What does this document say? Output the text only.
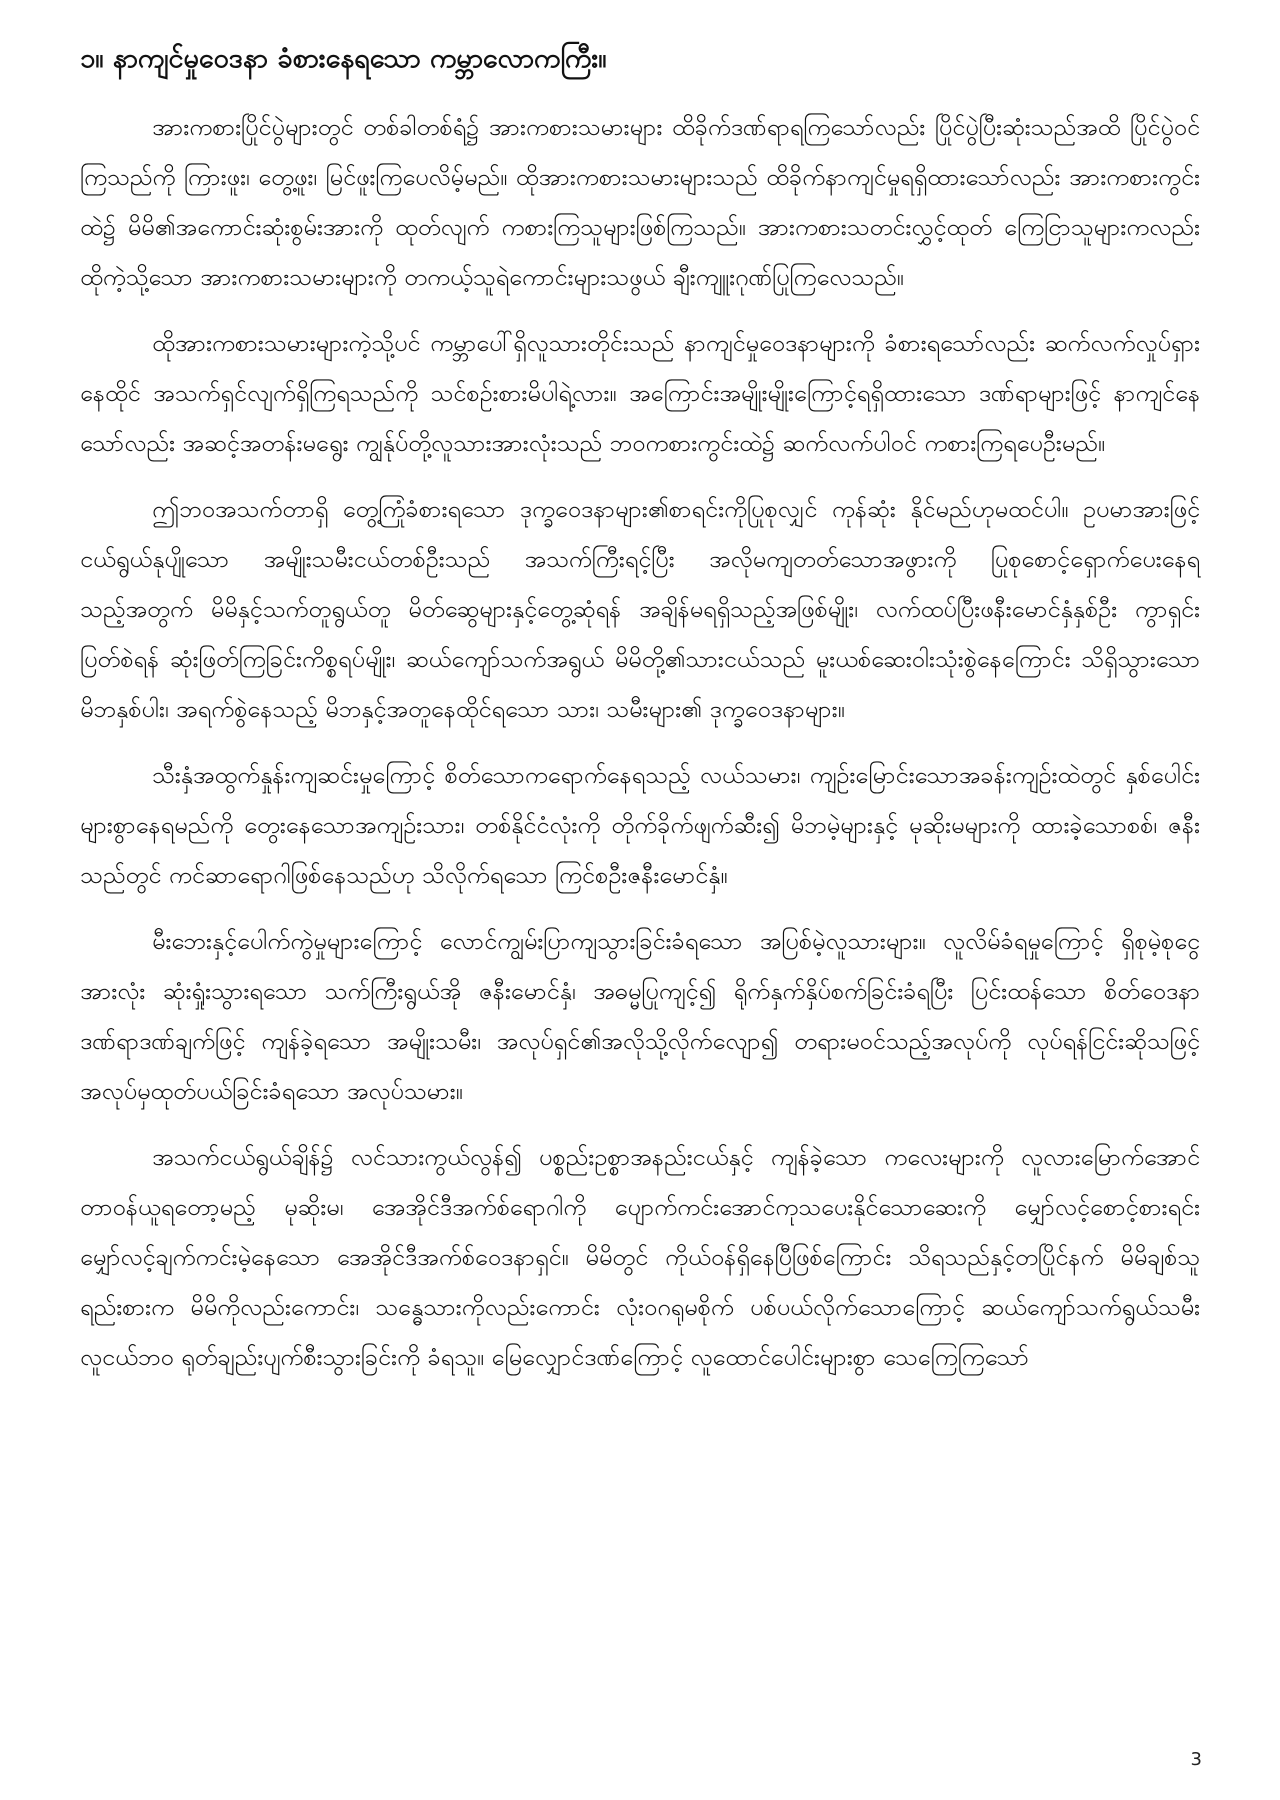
၁။ နာကျင်မှုဝေဒနာ ခံစားနေရသော ကမ္ဘာလောကကြီး။

အားကစားပြိုင်ပွဲများတွင် တစ်ခါတစ်ရံ၌ အားကစားသမားများ ထိခိုက်ဒဏ်ရာရကြသော်လည်း ပြိုင်ပွဲပြီးဆုံးသည်အထိ ပြိုင်ပွဲဝင်ကြသည်ကို ကြားဖူး၊ တွေ့ဖူး၊ မြင်ဖူးကြပေလိမ့်မည်။ ထိုအားကစားသမားများသည် ထိခိုက်နာကျင်မှုရရှိထားသော်လည်း အားကစားကွင်းထဲ၌ မိမိ၏အကောင်းဆုံးစွမ်းအားကို ထုတ်လျက် ကစားကြသူများဖြစ်ကြသည်။ အားကစားသတင်းလွှင့်ထုတ် ကြေငြာသူများကလည်း ထိုကဲ့သို့သော အားကစားသမားများကို တကယ့်သူရဲကောင်းများသဖွယ် ချီးကျူးဂုဏ်ပြုကြလေသည်။

ထိုအားကစားသမားများကဲ့သို့ပင် ကမ္ဘာပေါ်ရှိလူသားတိုင်းသည် နာကျင်မှုဝေဒနာများကို ခံစားရသော်လည်း ဆက်လက်လှုပ်ရှားနေထိုင် အသက်ရှင်လျက်ရှိကြရသည်ကို သင်စဉ်းစားမိပါရဲ့လား။ အကြောင်းအမျိုးမျိုးကြောင့်ရရှိထားသော ဒဏ်ရာများဖြင့် နာကျင်နေသော်လည်း အဆင့်အတန်းမရွေး ကျွန်ုပ်တို့လူသားအားလုံးသည် ဘဝကစားကွင်းထဲ၌ ဆက်လက်ပါဝင် ကစားကြရပေဦးမည်။

ဤဘဝအသက်တာရှိ တွေ့ကြုံခံစားရသော ဒုက္ခဝေဒနာများ၏စာရင်းကိုပြုစုလျှင် ကုန်ဆုံး နိုင်မည်ဟုမထင်ပါ။ ဥပမာအားဖြင့် ငယ်ရွယ်နုပျိုသော အမျိုးသမီးငယ်တစ်ဦးသည် အသက်ကြီးရင့်ပြီး အလိုမကျတတ်သောအဖွားကို ပြုစုစောင့်ရှောက်ပေးနေရသည့်အတွက် မိမိနှင့်သက်တူရွယ်တူ မိတ်ဆွေများနှင့်တွေ့ဆုံရန် အချိန်မရရှိသည့်အဖြစ်မျိုး၊ လက်ထပ်ပြီးဖနီးမောင်နှံနှစ်ဦး ကွာရှင်းပြတ်စဲရန် ဆုံးဖြတ်ကြခြင်းကိစ္စရပ်မျိုး၊ ဆယ်ကျော်သက်အရွယ် မိမိတို့၏သားငယ်သည် မူးယစ်ဆေးဝါးသုံးစွဲနေကြောင်း သိရှိသွားသော မိဘနှစ်ပါး၊ အရက်စွဲနေသည့် မိဘနှင့်အတူနေထိုင်ရသော သား၊ သမီးများ၏ ဒုက္ခဝေဒနာများ။

သီးနှံအထွက်နှုန်းကျဆင်းမှုကြောင့် စိတ်သောကရောက်နေရသည့် လယ်သမား၊ ကျဉ်းမြောင်းသောအခန်းကျဉ်းထဲတွင် နှစ်ပေါင်းများစွာနေရမည်ကို တွေးနေသောအကျဉ်းသား၊ တစ်နိုင်ငံလုံးကို တိုက်ခိုက်ဖျက်ဆီး၍ မိဘမဲ့များနှင့် မုဆိုးမများကို ထားခဲ့သောစစ်၊ ဇနီးသည်တွင် ကင်ဆာရောဂါဖြစ်နေသည်ဟု သိလိုက်ရသော ကြင်စဦးဇနီးမောင်နှံ။

မီးဘေးနှင့်ပေါက်ကွဲမှုများကြောင့် လောင်ကျွမ်းပြာကျသွားခြင်းခံရသော အပြစ်မဲ့လူသားများ။ လူလိမ်ခံရမှုကြောင့် ရှိစုမဲ့စုငွေအားလုံး ဆုံးရှုံးသွားရသော သက်ကြီးရွယ်အို ဇနီးမောင်နှံ၊ အဓမ္မပြုကျင့်၍ ရိုက်နှက်နှိပ်စက်ခြင်းခံရပြီး ပြင်းထန်သော စိတ်ဝေဒနာဒဏ်ရာဒဏ်ချက်ဖြင့် ကျန်ခဲ့ရသော အမျိုးသမီး၊ အလုပ်ရှင်၏အလိုသို့လိုက်လျော၍ တရားမဝင်သည့်အလုပ်ကို လုပ်ရန်ငြင်းဆိုသဖြင့် အလုပ်မှထုတ်ပယ်ခြင်းခံရသော အလုပ်သမား။

အသက်ငယ်ရွယ်ချိန်၌ လင်သားကွယ်လွန်၍ ပစ္စည်းဥစ္စာအနည်းငယ်နှင့် ကျန်ခဲ့သော ကလေးများကို လူလားမြောက်အောင် တာဝန်ယူရတော့မည့် မုဆိုးမ၊ အေအိုင်ဒီအက်စ်ရောဂါကို ပျောက်ကင်းအောင်ကုသပေးနိုင်သောဆေးကို မျှော်လင့်စောင့်စားရင်း မျှော်လင့်ချက်ကင်းမဲ့နေသော အေအိုင်ဒီအက်စ်ဝေဒနာရှင်။ မိမိတွင် ကိုယ်ဝန်ရှိနေပြီဖြစ်ကြောင်း သိရသည်နှင့်တပြိုင်နက် မိမိချစ်သူရည်းစားက မိမိကိုလည်းကောင်း၊ သန္ဓေသားကိုလည်းကောင်း လုံးဝဂရုမစိုက် ပစ်ပယ်လိုက်သောကြောင့် ဆယ်ကျော်သက်ရွယ်သမီး လူငယ်ဘဝ ရုတ်ချည်းပျက်စီးသွားခြင်းကို ခံရသူ။ မြေလျှောင်ဒဏ်ကြောင့် လူထောင်ပေါင်းများစွာ သေကြေကြသော်

3
